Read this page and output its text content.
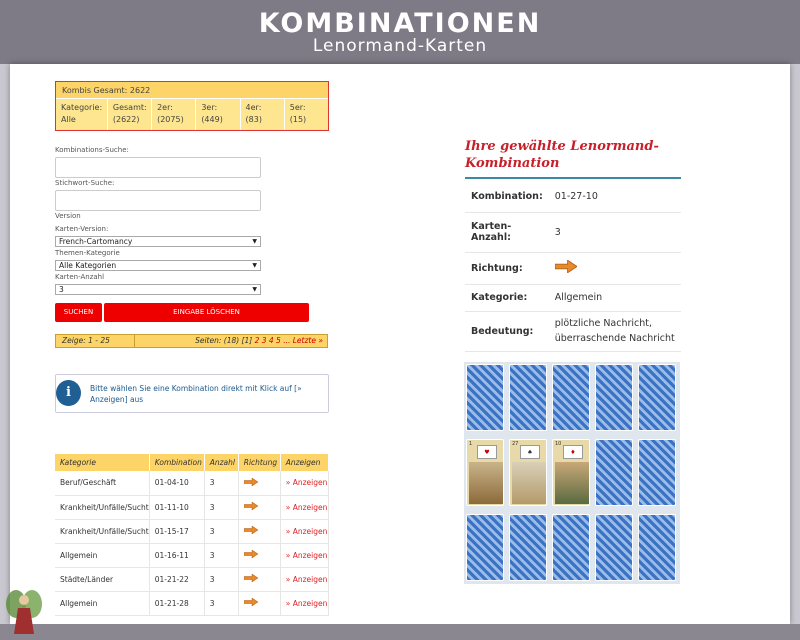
KOMBINATIONEN
Lenormand-Karten
Kombis Gesamt: 2622
Kategorie:
Alle
Gesamt:
(2622)
2er:
(2075)
3er:
(449)
4er:
(83)
5er:
(15)
Kombinations-Suche:
Stichwort-Suche:
Version
Karten-Version:
French-Cartomancy	▼
Themen-Kategorie
Alle Kategorien	▼
Karten-Anzahl
3	▼
SUCHEN	EINGABE LÖSCHEN
Zeige: 1 - 25	Seiten: (18) [1] 2 3 4 5 ... Letzte »
i	Bitte wählen Sie eine Kombination direkt mit Klick auf [» Anzeigen] aus
Kategorie	Kombination	Anzahl	Richtung	Anzeigen
Beruf/Geschäft	01-04-10	3		» Anzeigen
Krankheit/Unfälle/Sucht	01-11-10	3		» Anzeigen
Krankheit/Unfälle/Sucht	01-15-17	3		» Anzeigen
Allgemein	01-16-11	3		» Anzeigen
Städte/Länder	01-21-22	3		» Anzeigen
Allgemein	01-21-28	3		» Anzeigen
Ihre gewählte Lenormand-Kombination
Kombination:	01-27-10
Karten-Anzahl:	3
Richtung:	
Kategorie:	Allgemein
Bedeutung:	plötzliche Nachricht, überraschende Nachricht
1
♥
27
♠
10
♦
